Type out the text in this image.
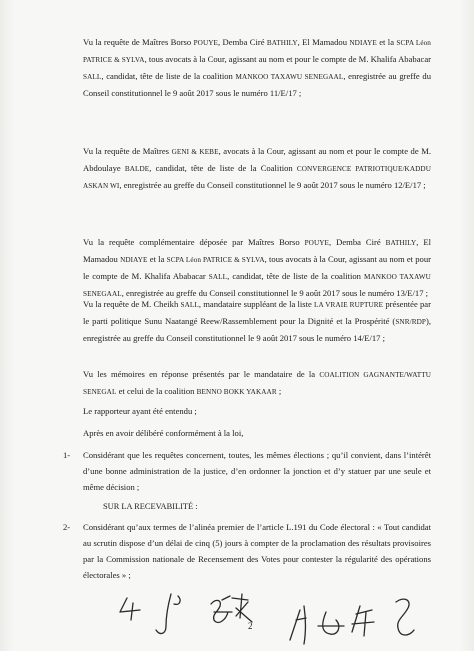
Vu la requête de Maîtres Borso POUYE, Demba Ciré BATHILY, El Mamadou NDIAYE et la SCPA Léon PATRICE & SYLVA, tous avocats à la Cour, agissant au nom et pour le compte de M. Khalifa Ababacar SALL, candidat, tête de liste de la coalition MANKOO TAXAWU SENEGAAL, enregistrée au greffe du Conseil constitutionnel le 9 août 2017 sous le numéro 11/E/17 ;

Vu la requête de Maîtres GENI & KEBE, avocats à la Cour, agissant au nom et pour le compte de M. Abdoulaye BALDE, candidat, tête de liste de la Coalition CONVERGENCE PATRIOTIQUE/KADDU ASKAN WI, enregistrée au greffe du Conseil constitutionnel le 9 août 2017 sous le numéro 12/E/17 ;

Vu la requête complémentaire déposée par Maîtres Borso POUYE, Demba Ciré BATHILY, El Mamadou NDIAYE et la SCPA Léon PATRICE & SYLVA, tous avocats à la Cour, agissant au nom et pour le compte de M. Khalifa Ababacar SALL, candidat, tête de liste de la coalition MANKOO TAXAWU SENEGAAL, enregistrée au greffe du Conseil constitutionnel le 9 août 2017 sous le numéro 13/E/17 ;

Vu la requête de M. Cheikh SALL, mandataire suppléant de la liste LA VRAIE RUPTURE présentée par le parti politique Sunu Naatangé Reew/Rassemblement pour la Dignité et la Prospérité (SNR/RDP), enregistrée au greffe du Conseil constitutionnel le 9 août 2017 sous le numéro 14/E/17 ;

Vu les mémoires en réponse présentés par le mandataire de la COALITION GAGNANTE/WATTU SENEGAL et celui de la coalition BENNO BOKK YAKAAR ;

Le rapporteur ayant été entendu ;

Après en avoir délibéré conformément à la loi,

1- Considérant que les requêtes concernent, toutes, les mêmes élections ; qu’il convient, dans l’intérêt d’une bonne administration de la justice, d’en ordonner la jonction et d’y statuer par une seule et même décision ;
SUR LA RECEVABILITÉ :
2- Considérant qu’aux termes de l’alinéa premier de l’article L.191 du Code électoral : « Tout candidat au scrutin dispose d’un délai de cinq (5) jours à compter de la proclamation des résultats provisoires par la Commission nationale de Recensement des Votes pour contester la régularité des opérations électorales » ;
2
